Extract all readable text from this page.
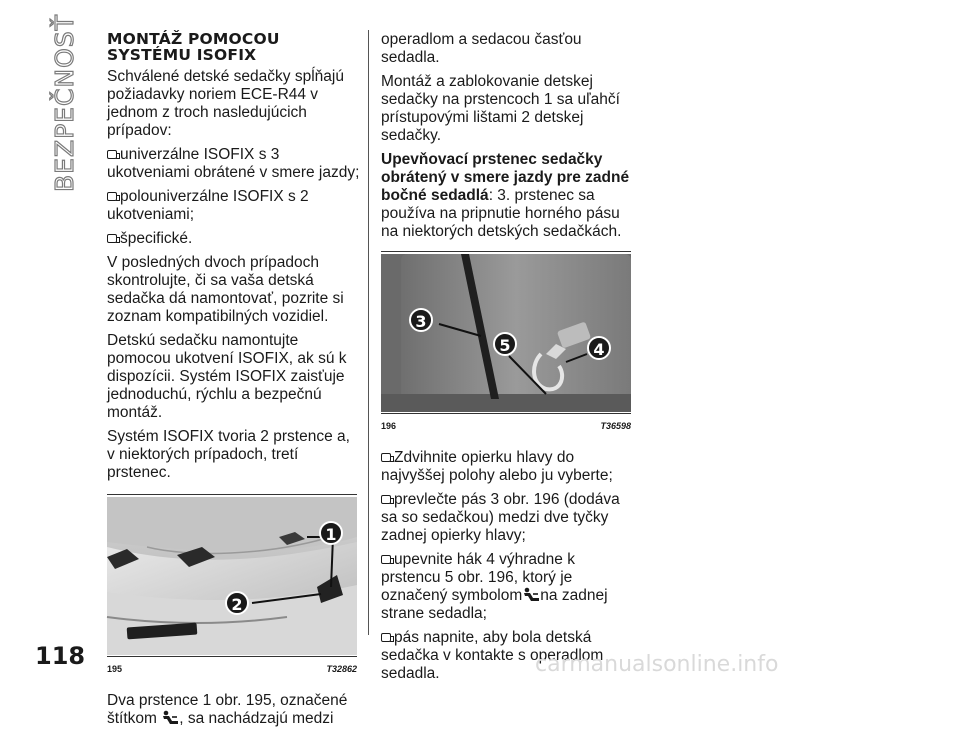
BEZPEČNOSŤ MONTÁŽ POMOCOU SYSTÉMU ISOFIX

Schválené detské sedačky spĺňajú požiadavky noriem ECE-R44 v jednom z troch nasledujúcich prípadov:

univerzálne ISOFIX s 3 ukotveniami obrátené v smere jazdy;

polouniverzálne ISOFIX s 2 ukotveniami;

špecifické.

V posledných dvoch prípadoch skontrolujte, či sa vaša detská sedačka dá namontovať, pozrite si zoznam kompatibilných vozidiel.

Detskú sedačku namontujte pomocou ukotvení ISOFIX, ak sú k dispozícii. Systém ISOFIX zaisťuje jednoduchú, rýchlu a bezpečnú montáž.

Systém ISOFIX tvoria 2 prstence a, v niektorých prípadoch, tretí prstenec.

1
2
195	T32862

Dva prstence 1 obr. 195, označené štítkom , sa nachádzajú medzi

operadlom a sedacou časťou sedadla.

Montáž a zablokovanie detskej sedačky na prstencoch 1 sa uľahčí prístupovými lištami 2 detskej sedačky.

Upevňovací prstenec sedačky obrátený v smere jazdy pre zadné bočné sedadlá: 3. prstenec sa používa na pripnutie horného pásu na niektorých detských sedačkách.

3
5	4
196	T36598

Zdvihnite opierku hlavy do najvyššej polohy alebo ju vyberte;

prevlečte pás 3 obr. 196 (dodáva sa so sedačkou) medzi dve tyčky zadnej opierky hlavy;

upevnite hák 4 výhradne k prstencu 5 obr. 196, ktorý je označený symbolom na zadnej strane sedadla;

pás napnite, aby bola detská sedačka v kontakte s operadlom sedadla.

118	carmanualsonline.info
